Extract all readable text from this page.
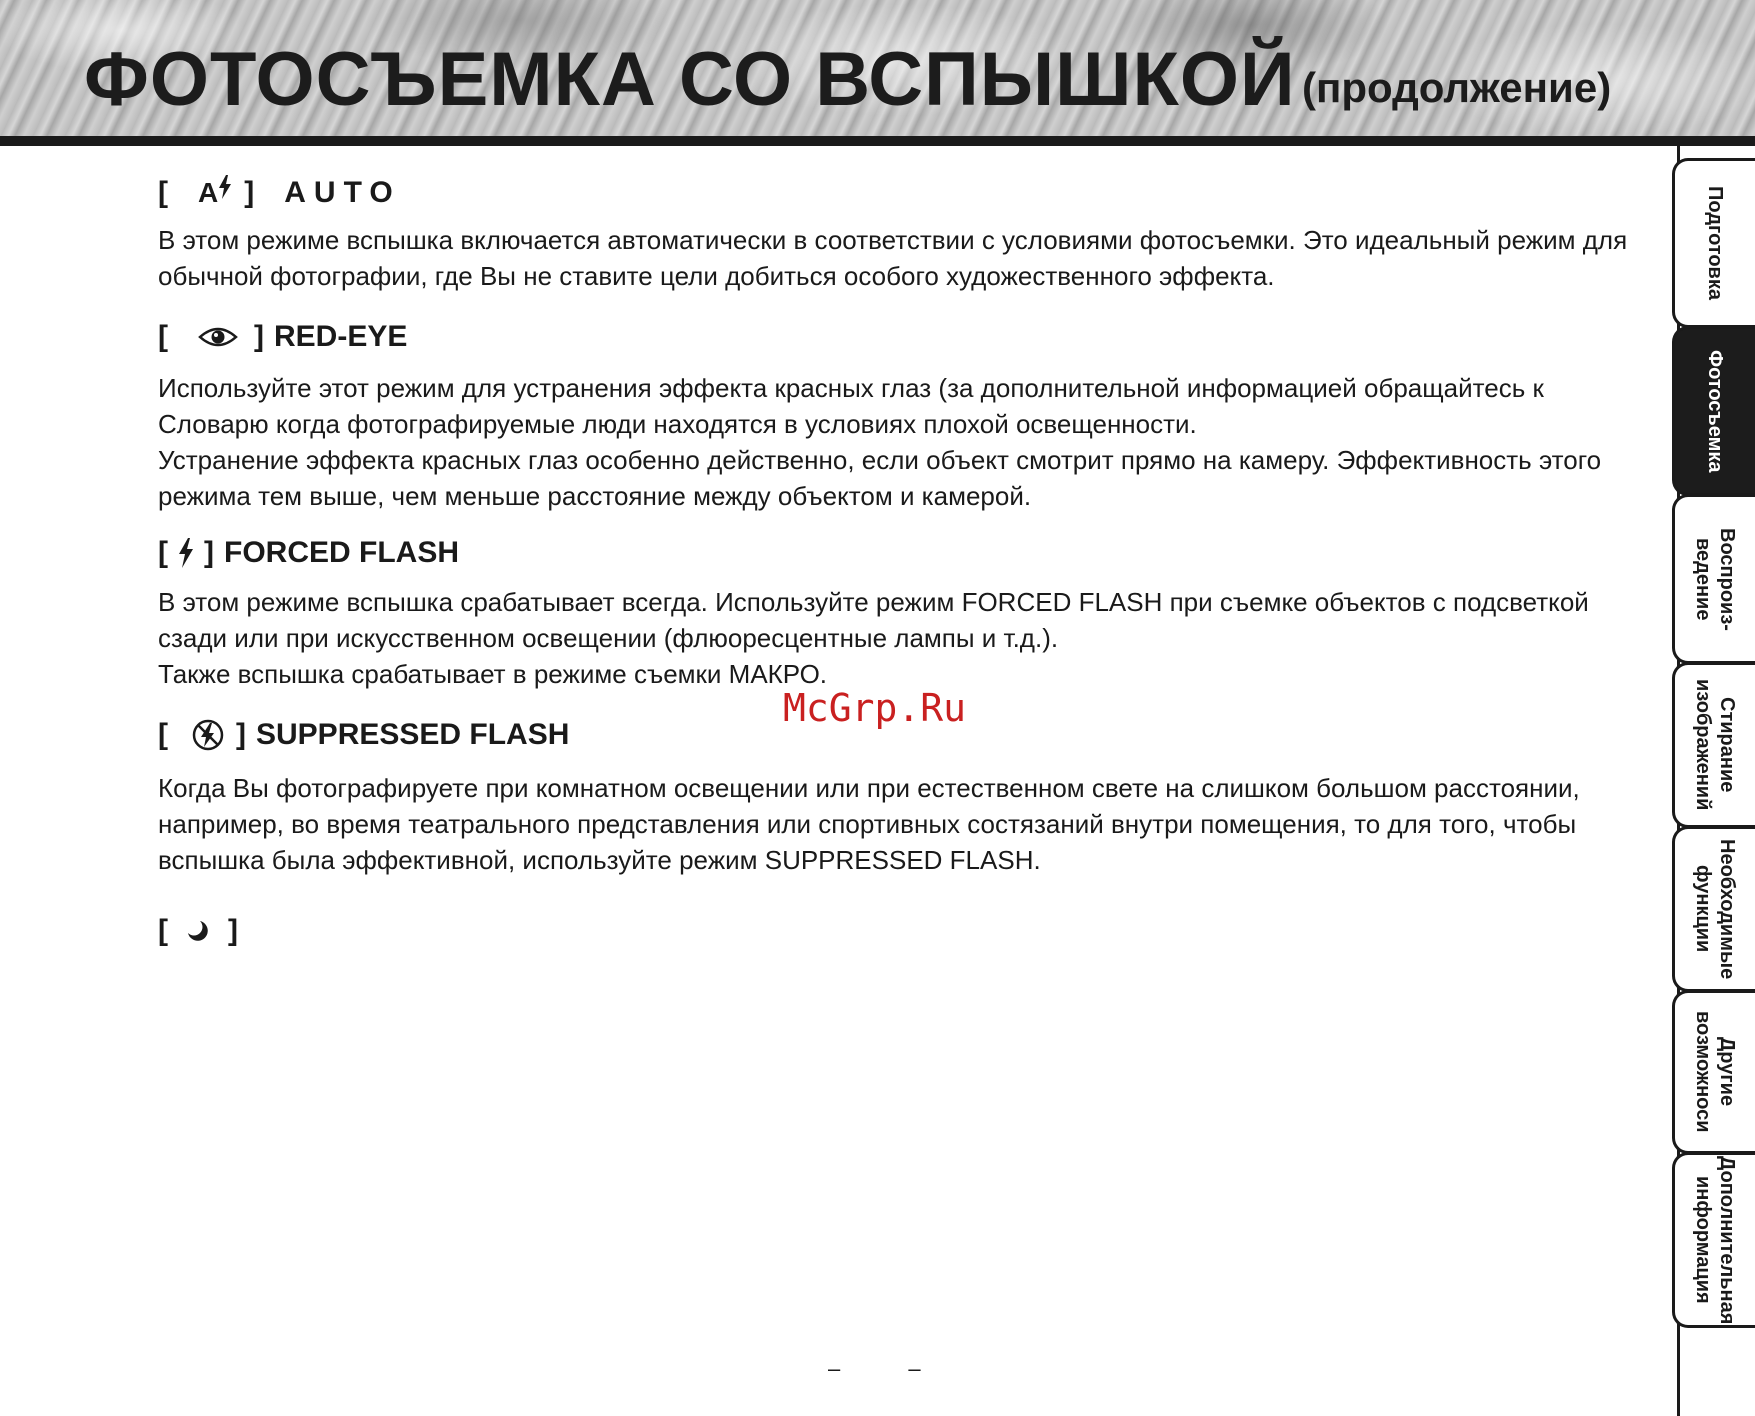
ФОТОСЪЕМКА СО ВСПЫШКОЙ (продолжение)
[ A ] AUTO

В этом режиме вспышка включается автоматически в соответствии с условиями фотосъемки. Это идеальный режим для обычной фотографии, где Вы не ставите цели добиться особого художественного эффекта.

[	] RED-EYE

Используйте этот режим для устранения эффекта красных глаз (за дополнительной информацией обращайтесь к Словарю когда фотографируемые люди находятся в условиях плохой освещенности.

Устранение эффекта красных глаз особенно действенно, если объект смотрит прямо на камеру. Эффективность этого режима тем выше, чем меньше расстояние между объектом и камерой.

[ ] FORCED FLASH

В этом режиме вспышка срабатывает всегда. Используйте режим FORCED FLASH при съемке объектов с подсветкой сзади или при искусственном освещении (флюоресцентные лампы и т.д.).

Также вспышка срабатывает в режиме съемки МАКРО.

[ ] SUPPRESSED FLASH

Когда Вы фотографируете при комнатном освещении или при естественном свете на слишком большом расстоянии, например, во время театрального представления или спортивных состязаний внутри помещения, то для того, чтобы вспышка была эффективной, используйте режим SUPPRESSED FLASH.

[ ]
McGrp.Ru
–	–
Подготовка
Фотосъемка
Воспроиз-
ведение
Стирание
изображений
Необходимые
функции
Другие
возможноси
Дополнительная
информация
